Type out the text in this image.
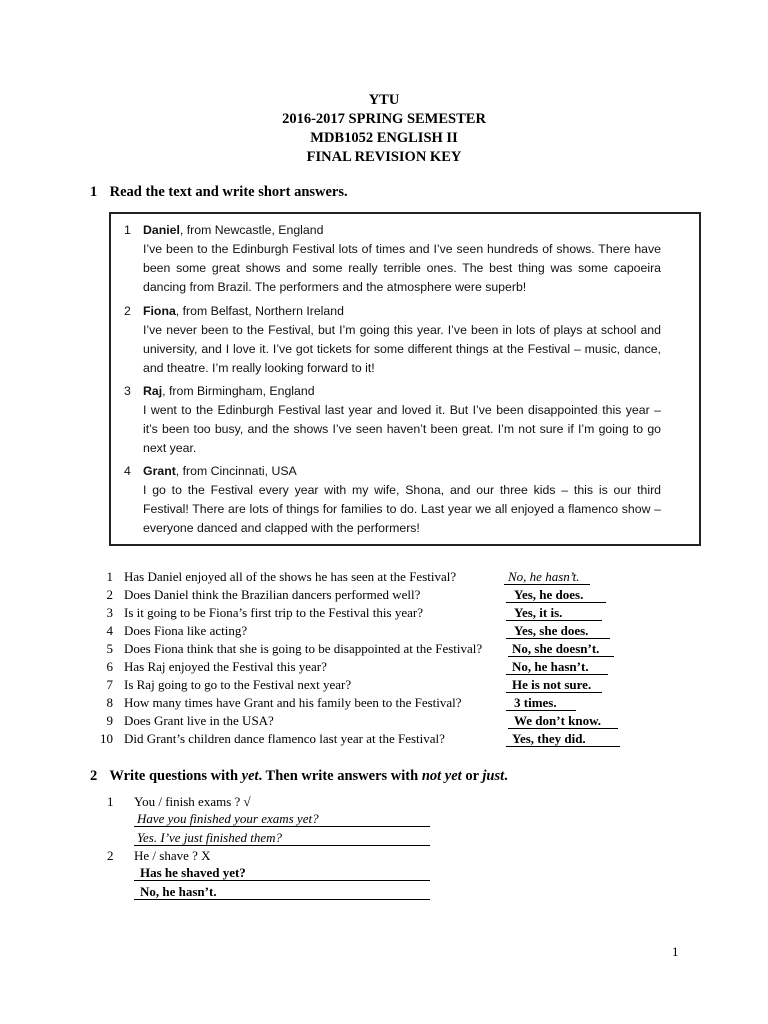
YTU
2016-2017 SPRING SEMESTER
MDB1052 ENGLISH II
FINAL REVISION KEY
1 Read the text and write short answers.
1 Daniel, from Newcastle, England
I’ve been to the Edinburgh Festival lots of times and I’ve seen hundreds of shows. There have been some great shows and some really terrible ones. The best thing was some capoeira dancing from Brazil. The performers and the atmosphere were superb!
2 Fiona, from Belfast, Northern Ireland
I’ve never been to the Festival, but I’m going this year. I’ve been in lots of plays at school and university, and I love it. I’ve got tickets for some different things at the Festival – music, dance, and theatre. I’m really looking forward to it!
3 Raj, from Birmingham, England
I went to the Edinburgh Festival last year and loved it. But I’ve been disappointed this year – it’s been too busy, and the shows I’ve seen haven’t been great. I’m not sure if I’m going to go next year.
4 Grant, from Cincinnati, USA
I go to the Festival every year with my wife, Shona, and our three kids – this is our third Festival! There are lots of things for families to do. Last year we all enjoyed a flamenco show – everyone danced and clapped with the performers!
1 Has Daniel enjoyed all of the shows he has seen at the Festival?	No, he hasn’t.
2 Does Daniel think the Brazilian dancers performed well?	Yes, he does.
3 Is it going to be Fiona’s first trip to the Festival this year?	Yes, it is.
4 Does Fiona like acting?	Yes, she does.
5 Does Fiona think that she is going to be disappointed at the Festival?	No, she doesn’t.
6 Has Raj enjoyed the Festival this year?	No, he hasn’t.
7 Is Raj going to go to the Festival next year?	He is not sure.
8 How many times have Grant and his family been to the Festival?	3 times.
9 Does Grant live in the USA?	We don’t know.
10 Did Grant’s children dance flamenco last year at the Festival?	Yes, they did.
2 Write questions with yet. Then write answers with not yet or just.
1 You / finish exams ? √
Have you finished your exams yet?
Yes. I’ve just finished them?
2 He / shave ? X
Has he shaved yet?
No, he hasn’t.
1
